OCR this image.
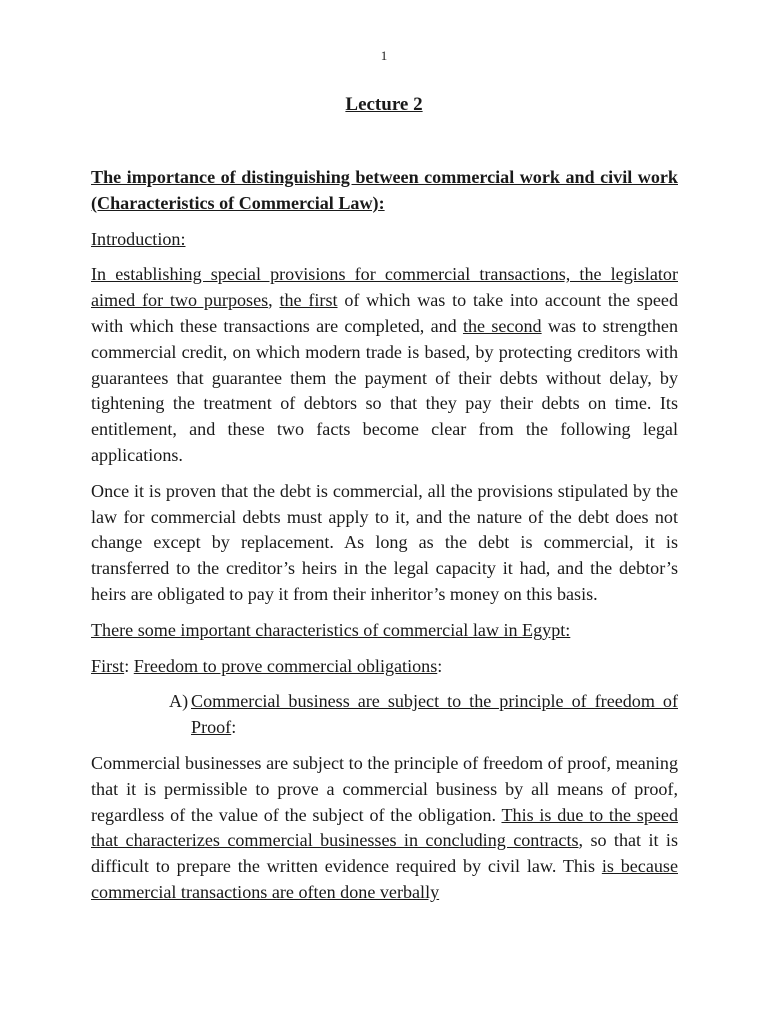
1
Lecture 2

The importance of distinguishing between commercial work and civil work (Characteristics of Commercial Law):

Introduction:

In establishing special provisions for commercial transactions, the legislator aimed for two purposes, the first of which was to take into account the speed with which these transactions are completed, and the second was to strengthen commercial credit, on which modern trade is based, by protecting creditors with guarantees that guarantee them the payment of their debts without delay, by tightening the treatment of debtors so that they pay their debts on time. Its entitlement, and these two facts become clear from the following legal applications.

Once it is proven that the debt is commercial, all the provisions stipulated by the law for commercial debts must apply to it, and the nature of the debt does not change except by replacement. As long as the debt is commercial, it is transferred to the creditor’s heirs in the legal capacity it had, and the debtor’s heirs are obligated to pay it from their inheritor’s money on this basis.

There some important characteristics of commercial law in Egypt:

First: Freedom to prove commercial obligations:

A) Commercial business are subject to the principle of freedom of Proof:

Commercial businesses are subject to the principle of freedom of proof, meaning that it is permissible to prove a commercial business by all means of proof, regardless of the value of the subject of the obligation. This is due to the speed that characterizes commercial businesses in concluding contracts, so that it is difficult to prepare the written evidence required by civil law. This is because commercial transactions are often done verbally
